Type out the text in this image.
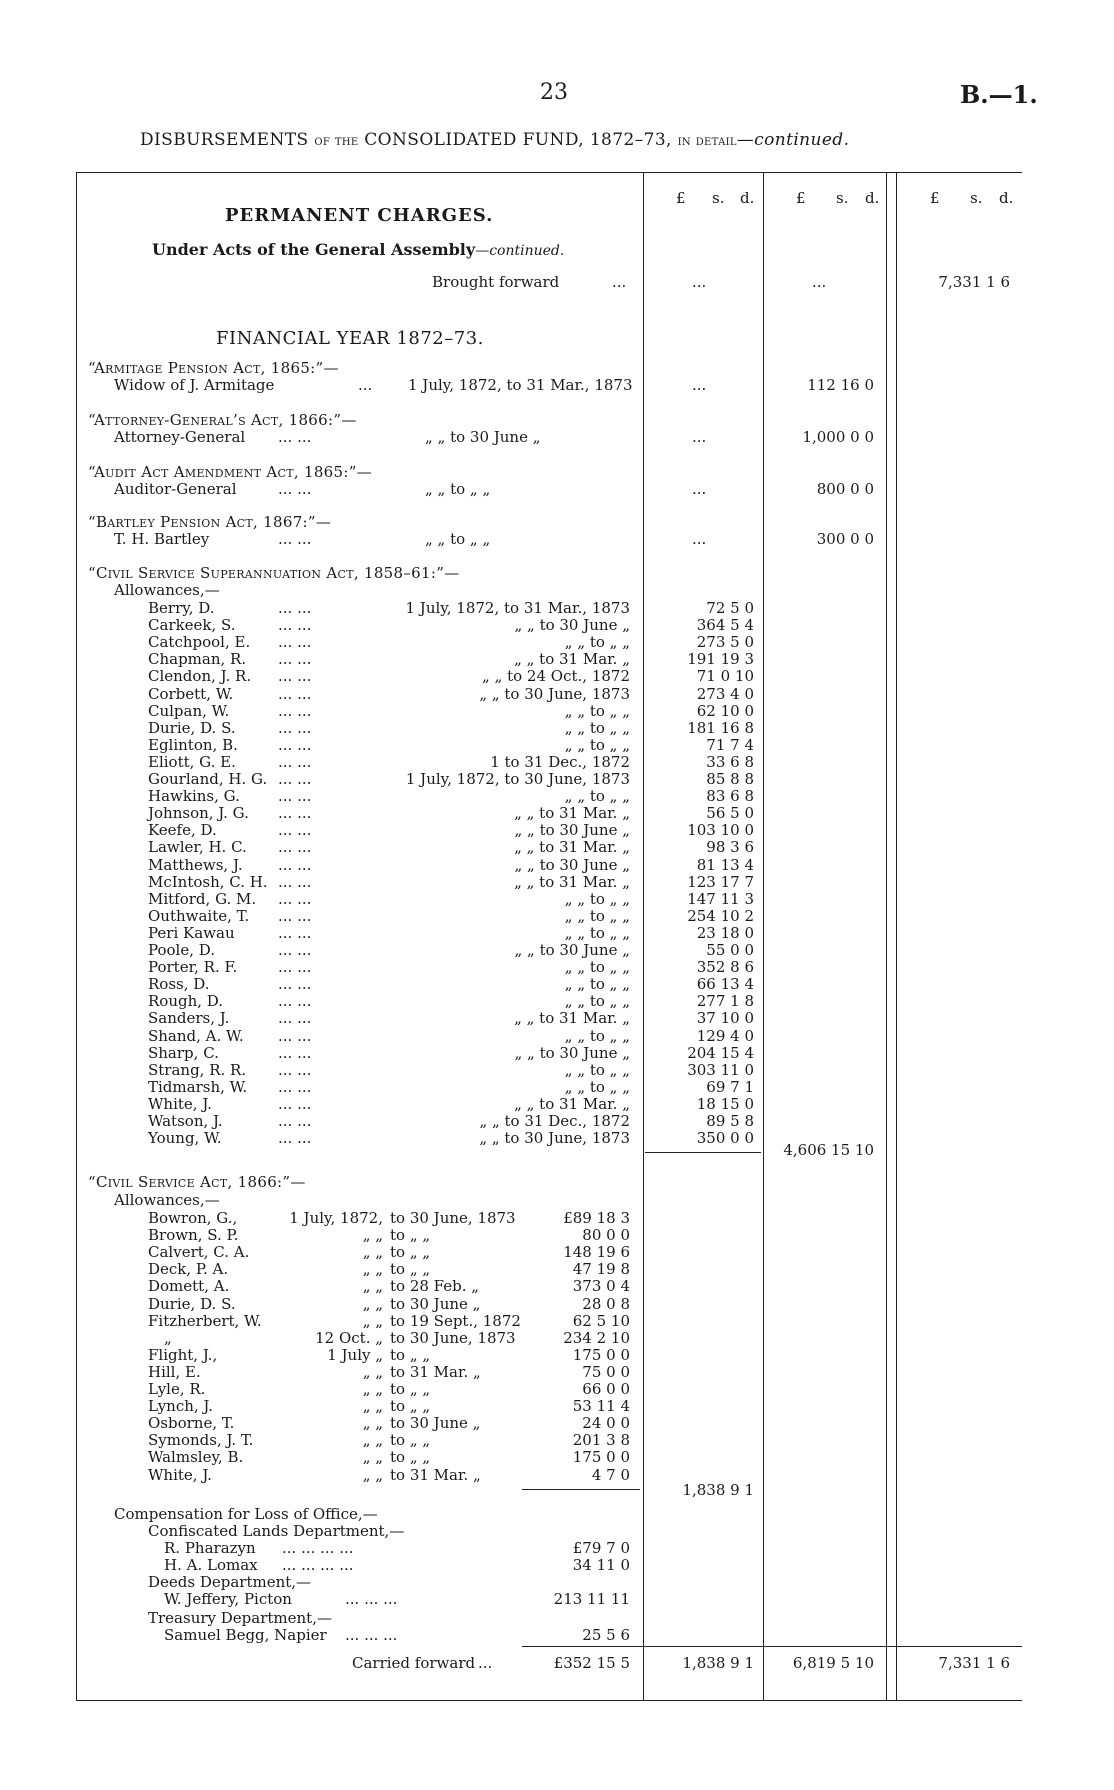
23	B.—1.
DISBURSEMENTS of the CONSOLIDATED FUND, 1872–73, in detail—continued.
£ s. d.	£ s. d.	£ s. d.
PERMANENT CHARGES.
Under Acts of the General Assembly—continued.
Brought forward	...	...	...	7,331 1 6
FINANCIAL YEAR 1872–73.
“Armitage Pension Act, 1865:”—
Widow of J. Armitage	... 1 July, 1872, to 31 Mar., 1873	...	112 16 0
“Attorney-General’s Act, 1866:”—
Attorney-General ... ...	„ „ to 30 June „	...	1,000 0 0
“Audit Act Amendment Act, 1865:”—
Auditor-General	... ...	„ „ to „ „	...	800 0 0
“Bartley Pension Act, 1867:”—
T. H. Bartley	... ...	„ „ to „ „	...	300 0 0
“Civil Service Superannuation Act, 1858–61:”—
Allowances,—
Berry, D.	... ...	1 July, 1872, to 31 Mar., 1873	72 5 0
Carkeek, S.	... ...	„ „ to 30 June „	364 5 4
Catchpool, E. ... ...	„ „ to „ „	273 5 0
Chapman, R. ... ...	„ „ to 31 Mar. „	191 19 3
Clendon, J. R. ... ...	„ „ to 24 Oct., 1872	71 0 10
Corbett, W.	... ...	„ „ to 30 June, 1873	273 4 0
Culpan, W.	... ...	„ „ to „ „	62 10 0
Durie, D. S.	... ...	„ „ to „ „	181 16 8
Eglinton, B.	... ...	„ „ to „ „	71 7 4
Eliott, G. E.	... ...	1 to 31 Dec., 1872	33 6 8
Gourland, H. G. ... ...	1 July, 1872, to 30 June, 1873	85 8 8
Hawkins, G.	... ...	„ „ to „ „	83 6 8
Johnson, J. G. ... ...	„ „ to 31 Mar. „	56 5 0
Keefe, D.	... ...	„ „ to 30 June „	103 10 0
Lawler, H. C. ... ...	„ „ to 31 Mar. „	98 3 6
Matthews, J. ... ...	„ „ to 30 June „	81 13 4
McIntosh, C. H. ... ...	„ „ to 31 Mar. „	123 17 7
Mitford, G. M. ... ...	„ „ to „ „	147 11 3
Outhwaite, T. ... ...	„ „ to „ „	254 10 2
Peri Kawau	... ...	„ „ to „ „	23 18 0
Poole, D.	... ...	„ „ to 30 June „	55 0 0
Porter, R. F.	... ...	„ „ to „ „	352 8 6
Ross, D.	... ...	„ „ to „ „	66 13 4
Rough, D.	... ...	„ „ to „ „	277 1 8
Sanders, J.	... ...	„ „ to 31 Mar. „	37 10 0
Shand, A. W. ... ...	„ „ to „ „	129 4 0
Sharp, C.	... ...	„ „ to 30 June „	204 15 4
Strang, R. R. ... ...	„ „ to „ „	303 11 0
Tidmarsh, W. ... ...	„ „ to „ „	69 7 1
White, J.	... ...	„ „ to 31 Mar. „	18 15 0
Watson, J.	... ...	„ „ to 31 Dec., 1872	89 5 8
Young, W.	... ...	„ „ to 30 June, 1873	350 0 0
4,606 15 10
“Civil Service Act, 1866:”—
Allowances,—
Bowron, G.,	1 July, 1872, to 30 June, 1873	£89 18 3
Brown, S. P.	„ „ to „ „	80 0 0
Calvert, C. A.	„ „ to „ „	148 19 6
Deck, P. A.	„ „ to „ „	47 19 8
Domett, A.	„ „ to 28 Feb. „	373 0 4
Durie, D. S.	„ „ to 30 June „	28 0 8
Fitzherbert, W.	„ „ to 19 Sept., 1872	62 5 10
„	12 Oct. „ to 30 June, 1873	234 2 10
Flight, J.,	1 July „ to „ „	175 0 0
Hill, E.	„ „ to 31 Mar. „	75 0 0
Lyle, R.	„ „ to „ „	66 0 0
Lynch, J.	„ „ to „ „	53 11 4
Osborne, T.	„ „ to 30 June „	24 0 0
Symonds, J. T.	„ „ to „ „	201 3 8
Walmsley, B.	„ „ to „ „	175 0 0
White, J.	„ „ to 31 Mar. „	4 7 0
1,838 9 1
Compensation for Loss of Office,—
Confiscated Lands Department,—
R. Pharazyn ... ... ... ...	£79 7 0
H. A. Lomax ... ... ... ...	34 11 0
Deeds Department,—
W. Jeffery, Picton	... ... ...	213 11 11
Treasury Department,—
Samuel Begg, Napier ... ... ...	25 5 6
Carried forward ...	£352 15 5	1,838 9 1	6,819 5 10	7,331 1 6
